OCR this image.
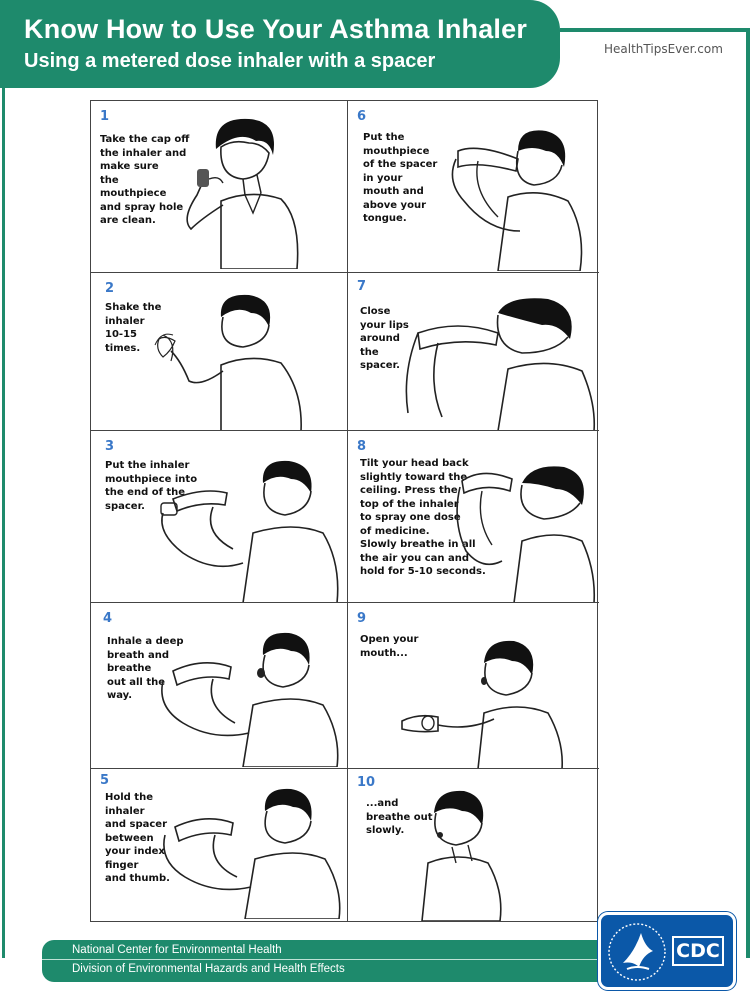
Know How to Use Your Asthma Inhaler
Using a metered dose inhaler with a spacer
HealthTipsEver.com
1
Take the cap off
the inhaler and
make sure
the
mouthpiece
and spray hole
are clean.
6
Put the
mouthpiece
of the spacer
in your
mouth and
above your
tongue.
2
Shake the
inhaler
10-15
times.
7
Close
your lips
around
the
spacer.
3
Put the inhaler
mouthpiece into
the end of the
spacer.
8
Tilt your head back
slightly toward the
ceiling. Press the
top of the inhaler
to spray one dose
of medicine.
Slowly breathe in all
the air you can and
hold for 5-10 seconds.
4
Inhale a deep
breath and
breathe
out all the
way.
9
Open your
mouth...
5
Hold the
inhaler
and spacer
between
your index
finger
and thumb.
10
...and
breathe out
slowly.
National Center for Environmental Health
Division of Environmental Hazards and Health Effects
CDC
